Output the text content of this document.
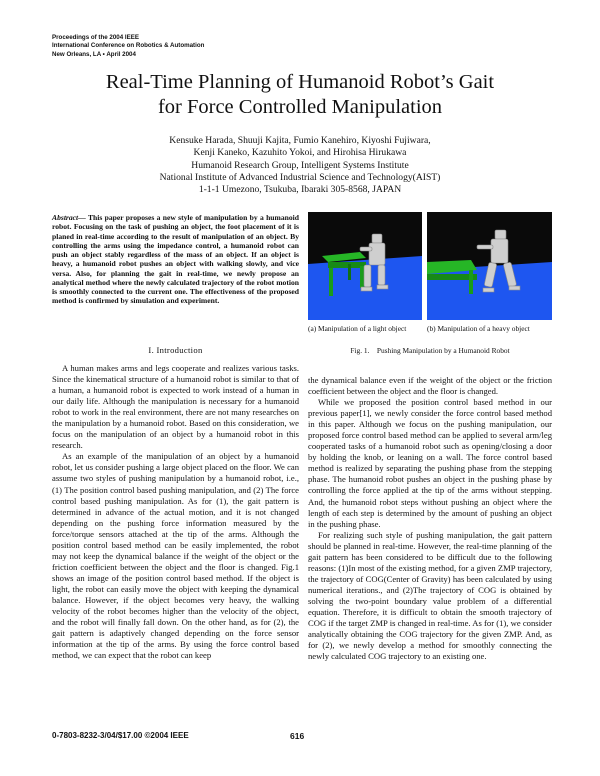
Proceedings of the 2004 IEEE
International Conference on Robotics & Automation
New Orleans, LA • April 2004
Real-Time Planning of Humanoid Robot’s Gait
for Force Controlled Manipulation
Kensuke Harada, Shuuji Kajita, Fumio Kanehiro, Kiyoshi Fujiwara,
Kenji Kaneko, Kazuhito Yokoi, and Hirohisa Hirukawa
Humanoid Research Group, Intelligent Systems Institute
National Institute of Advanced Industrial Science and Technology(AIST)
1-1-1 Umezono, Tsukuba, Ibaraki 305-8568, JAPAN
Abstract— This paper proposes a new style of manipulation by a humanoid robot. Focusing on the task of pushing an object, the foot placement of it is planed in real-time according to the result of manipulation of an object. By controlling the arms using the impedance control, a humanoid robot can push an object stably regardless of the mass of an object. If an object is heavy, a humanoid robot pushes an object with walking slowly, and vice versa. Also, for planning the gait in real-time, we newly propose an analytical method where the newly calculated trajectory of the robot motion is smoothly connected to the current one. The effectiveness of the proposed method is confirmed by simulation and experiment.
(a) Manipulation of a light object	(b) Manipulation of a heavy object
Fig. 1.    Pushing Manipulation by a Humanoid Robot
I. Introduction

A human makes arms and legs cooperate and realizes various tasks. Since the kinematical structure of a humanoid robot is similar to that of a human, a humanoid robot is expected to work instead of a human in our daily life. Although the manipulation is necessary for a humanoid robot to work in the real environment, there are not many researches on the manipulation by a humanoid robot. Based on this consideration, we focus on the manipulation of an object by a humanoid robot in this research.

As an example of the manipulation of an object by a humanoid robot, let us consider pushing a large object placed on the floor. We can assume two styles of pushing manipulation by a humanoid robot, i.e., (1) The position control based pushing manipulation, and (2) The force control based pushing manipulation. As for (1), the gait pattern is determined in advance of the actual motion, and it is not changed depending on the pushing force information measured by the force/torque sensors attached at the tip of the arms. Although the position control based method can be easily implemented, the robot may not keep the dynamical balance if the weight of the object or the friction coefficient between the object and the floor is changed. Fig.1 shows an image of the position control based method. If the object is light, the robot can easily move the object with keeping the dynamical balance. However, if the object becomes very heavy, the walking velocity of the robot becomes higher than the velocity of the object, and the robot will finally fall down. On the other hand, as for (2), the gait pattern is adaptively changed depending on the force sensor information at the tip of the arms. By using the force control based method, we can expect that the robot can keep

the dynamical balance even if the weight of the object or the friction coefficient between the object and the floor is changed.

While we proposed the position control based method in our previous paper[1], we newly consider the force control based method in this paper. Although we focus on the pushing manipulation, our proposed force control based method can be applied to several arm/leg cooperated tasks of a humanoid robot such as opening/closing a door by holding the knob, or leaning on a wall. The force control based method is realized by separating the pushing phase from the stepping phase. The humanoid robot pushes an object in the pushing phase by controlling the force applied at the tip of the arms without stepping. And, the humanoid robot steps without pushing an object where the length of each step is determined by the amount of pushing an object in the pushing phase.

For realizing such style of pushing manipulation, the gait pattern should be planned in real-time. However, the real-time planning of the gait pattern has been considered to be difficult due to the following reasons: (1)In most of the existing method, for a given ZMP trajectory, the trajectory of COG(Center of Gravity) has been calculated by using numerical iterations., and (2)The trajectory of COG is obtained by solving the two-point boundary value problem of a differential equation. Therefore, it is difficult to obtain the smooth trajectory of COG if the target ZMP is changed in real-time. As for (1), we consider analytically obtaining the COG trajectory for the given ZMP. And, as for (2), we newly develop a method for smoothly connecting the newly calculated COG trajectory to an existing one.

0-7803-8232-3/04/$17.00 ©2004 IEEE	616
